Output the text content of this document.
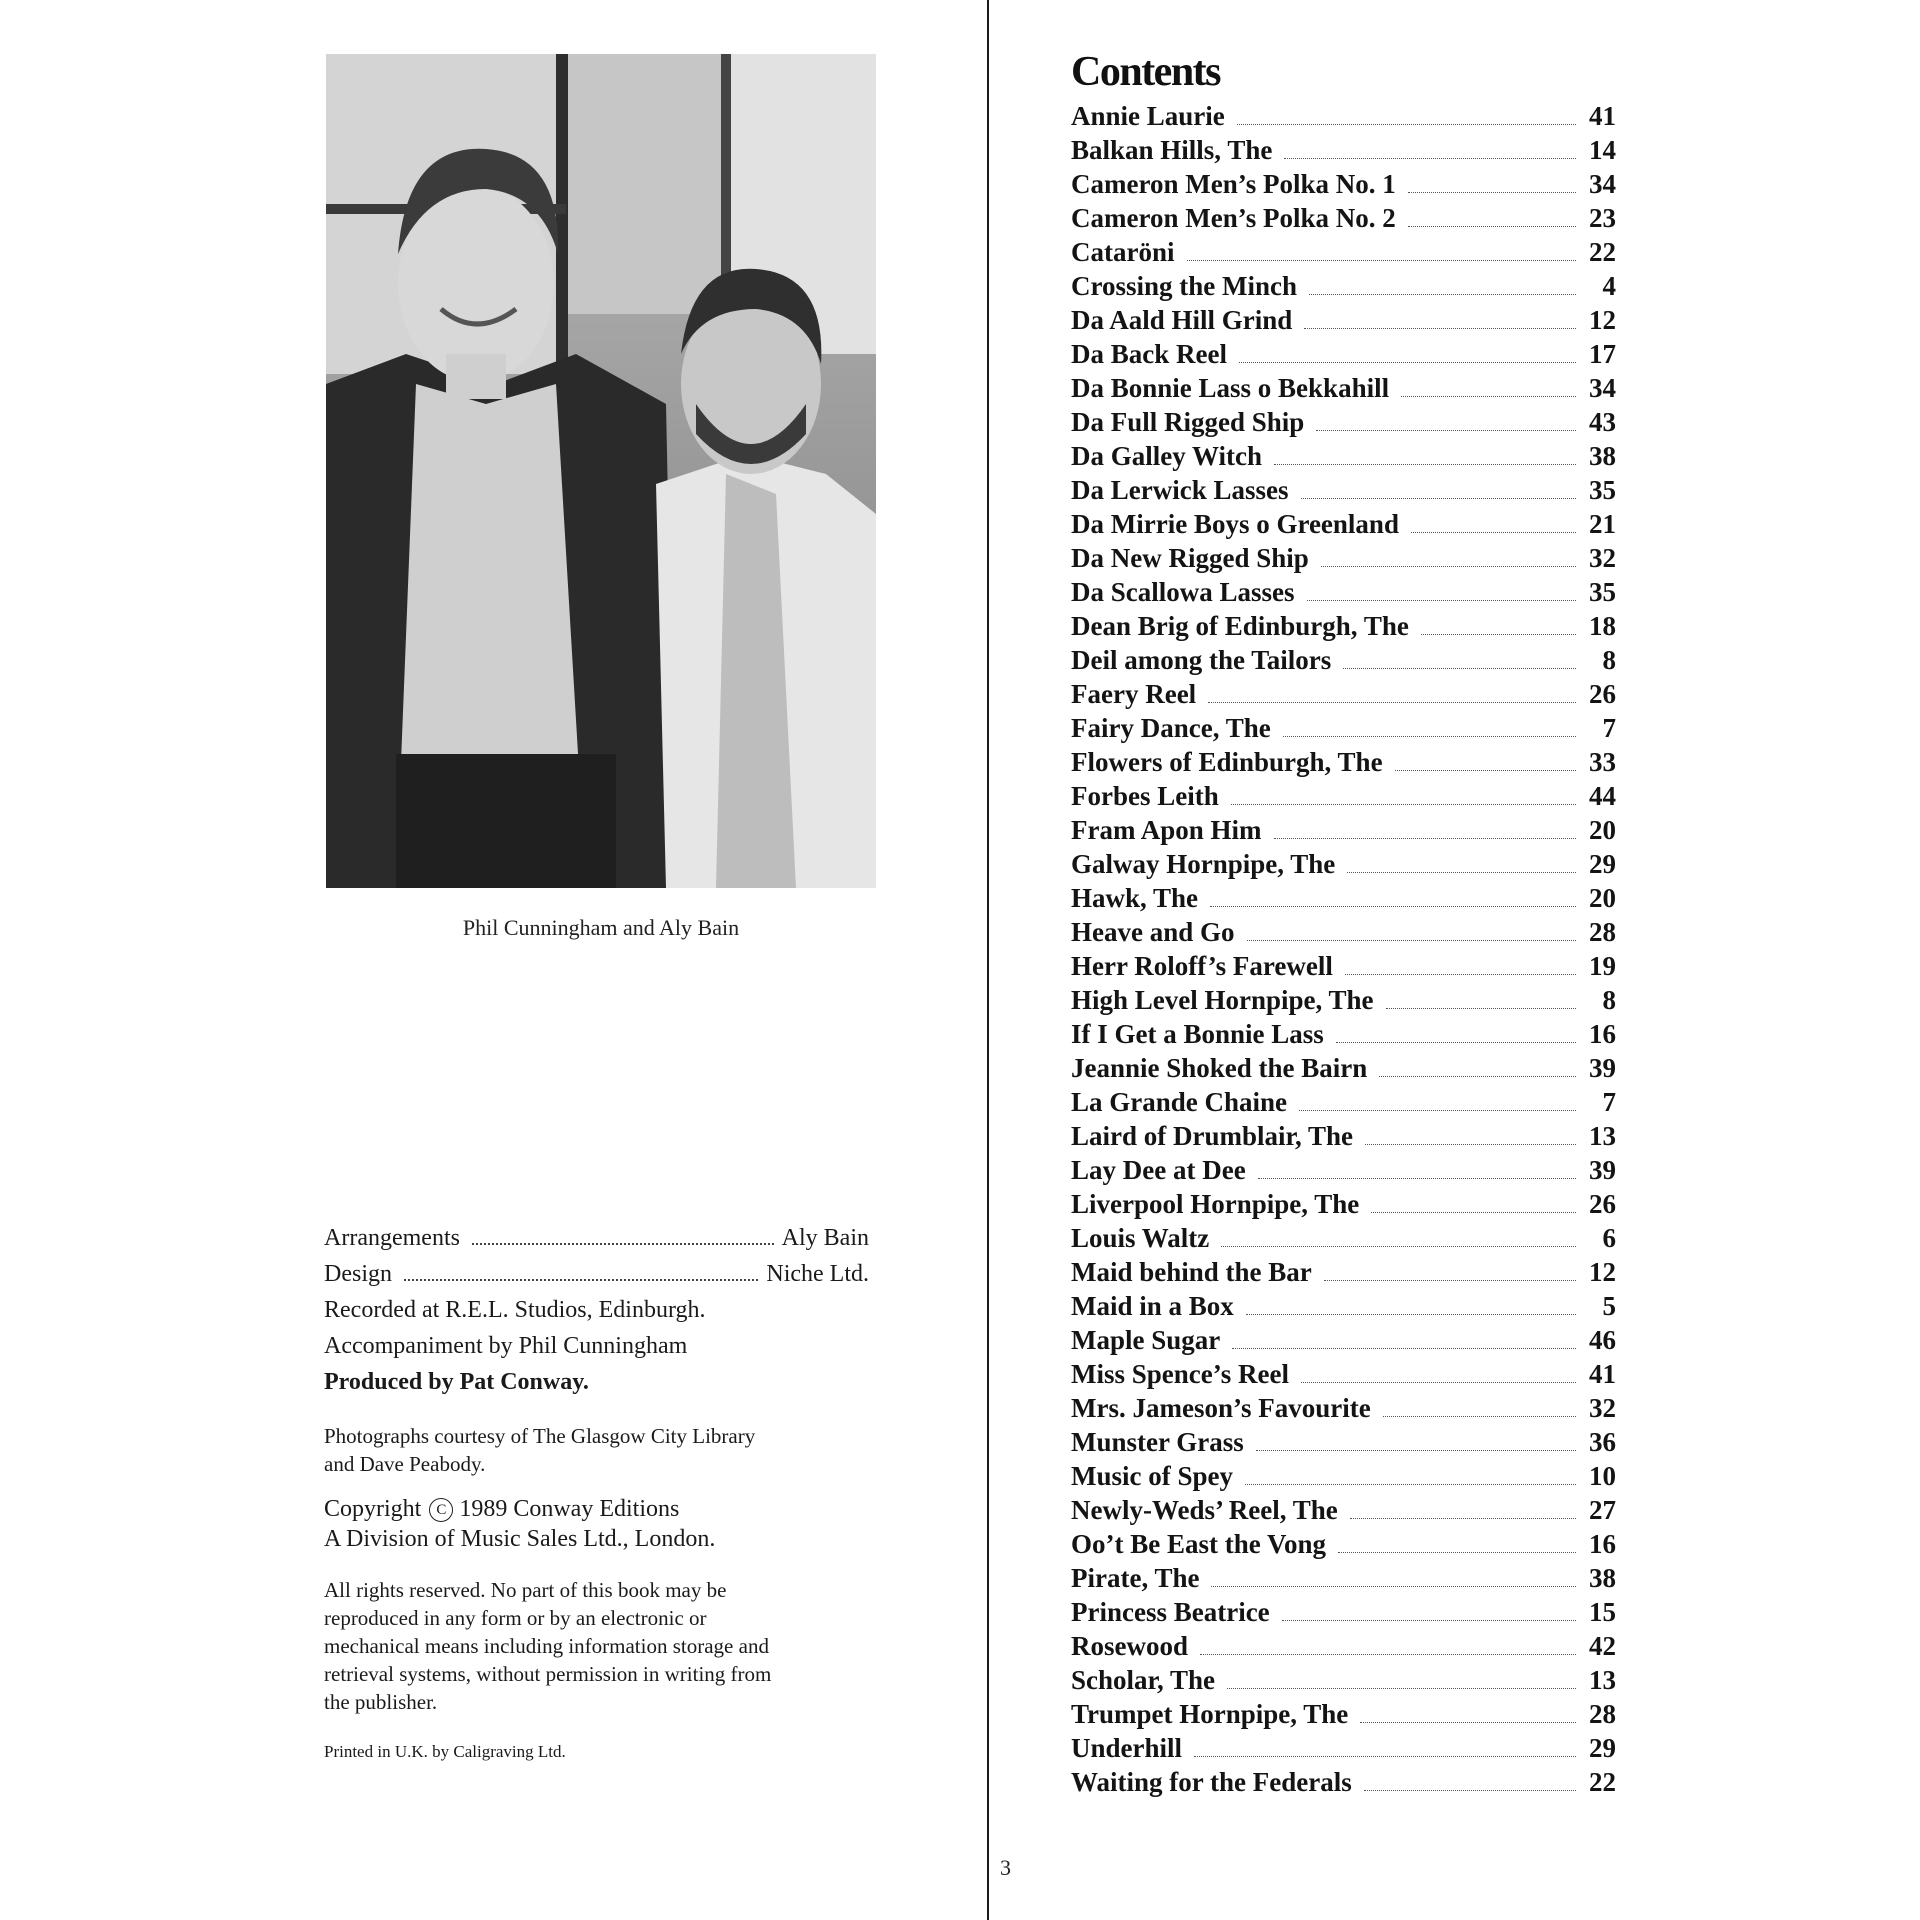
Phil Cunningham and Aly Bain
Arrangements	Aly Bain
Design	Niche Ltd.
Recorded at R.E.L. Studios, Edinburgh.
Accompaniment by Phil Cunningham
Produced by Pat Conway.
Photographs courtesy of The Glasgow City Library
and Dave Peabody.
Copyright C 1989 Conway Editions
A Division of Music Sales Ltd., London.
All rights reserved. No part of this book may be
reproduced in any form or by an electronic or
mechanical means including information storage and
retrieval systems, without permission in writing from
the publisher.
Printed in U.K. by Caligraving Ltd.
Contents
Annie Laurie	41
Balkan Hills, The	14
Cameron Men’s Polka No. 1	34
Cameron Men’s Polka No. 2	23
Cataröni	22
Crossing the Minch	4
Da Aald Hill Grind	12
Da Back Reel	17
Da Bonnie Lass o Bekkahill	34
Da Full Rigged Ship	43
Da Galley Witch	38
Da Lerwick Lasses	35
Da Mirrie Boys o Greenland	21
Da New Rigged Ship	32
Da Scallowa Lasses	35
Dean Brig of Edinburgh, The	18
Deil among the Tailors	8
Faery Reel	26
Fairy Dance, The	7
Flowers of Edinburgh, The	33
Forbes Leith	44
Fram Apon Him	20
Galway Hornpipe, The	29
Hawk, The	20
Heave and Go	28
Herr Roloff’s Farewell	19
High Level Hornpipe, The	8
If I Get a Bonnie Lass	16
Jeannie Shoked the Bairn	39
La Grande Chaine	7
Laird of Drumblair, The	13
Lay Dee at Dee	39
Liverpool Hornpipe, The	26
Louis Waltz	6
Maid behind the Bar	12
Maid in a Box	5
Maple Sugar	46
Miss Spence’s Reel	41
Mrs. Jameson’s Favourite	32
Munster Grass	36
Music of Spey	10
Newly-Weds’ Reel, The	27
Oo’t Be East the Vong	16
Pirate, The	38
Princess Beatrice	15
Rosewood	42
Scholar, The	13
Trumpet Hornpipe, The	28
Underhill	29
Waiting for the Federals	22
3
